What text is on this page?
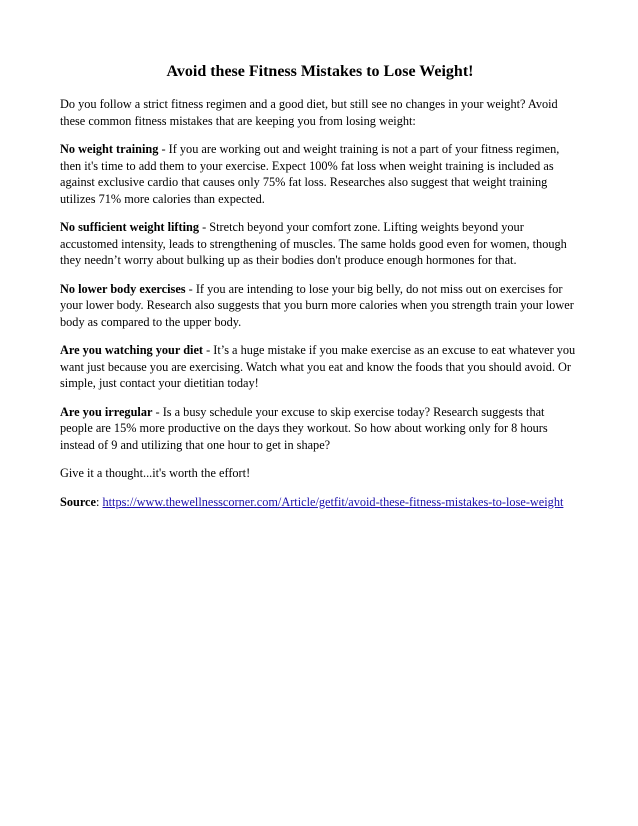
Avoid these Fitness Mistakes to Lose Weight!

Do you follow a strict fitness regimen and a good diet, but still see no changes in your weight? Avoid these common fitness mistakes that are keeping you from losing weight:

No weight training - If you are working out and weight training is not a part of your fitness regimen, then it's time to add them to your exercise. Expect 100% fat loss when weight training is included as against exclusive cardio that causes only 75% fat loss. Researches also suggest that weight training utilizes 71% more calories than expected.

No sufficient weight lifting - Stretch beyond your comfort zone. Lifting weights beyond your accustomed intensity, leads to strengthening of muscles. The same holds good even for women, though they needn’t worry about bulking up as their bodies don't produce enough hormones for that.

No lower body exercises - If you are intending to lose your big belly, do not miss out on exercises for your lower body. Research also suggests that you burn more calories when you strength train your lower body as compared to the upper body.

Are you watching your diet - It’s a huge mistake if you make exercise as an excuse to eat whatever you want just because you are exercising. Watch what you eat and know the foods that you should avoid. Or simple, just contact your dietitian today!

Are you irregular - Is a busy schedule your excuse to skip exercise today? Research suggests that people are 15% more productive on the days they workout. So how about working only for 8 hours instead of 9 and utilizing that one hour to get in shape?

Give it a thought...it's worth the effort!

Source: https://www.thewellnesscorner.com/Article/getfit/avoid-these-fitness-mistakes-to-lose-weight
